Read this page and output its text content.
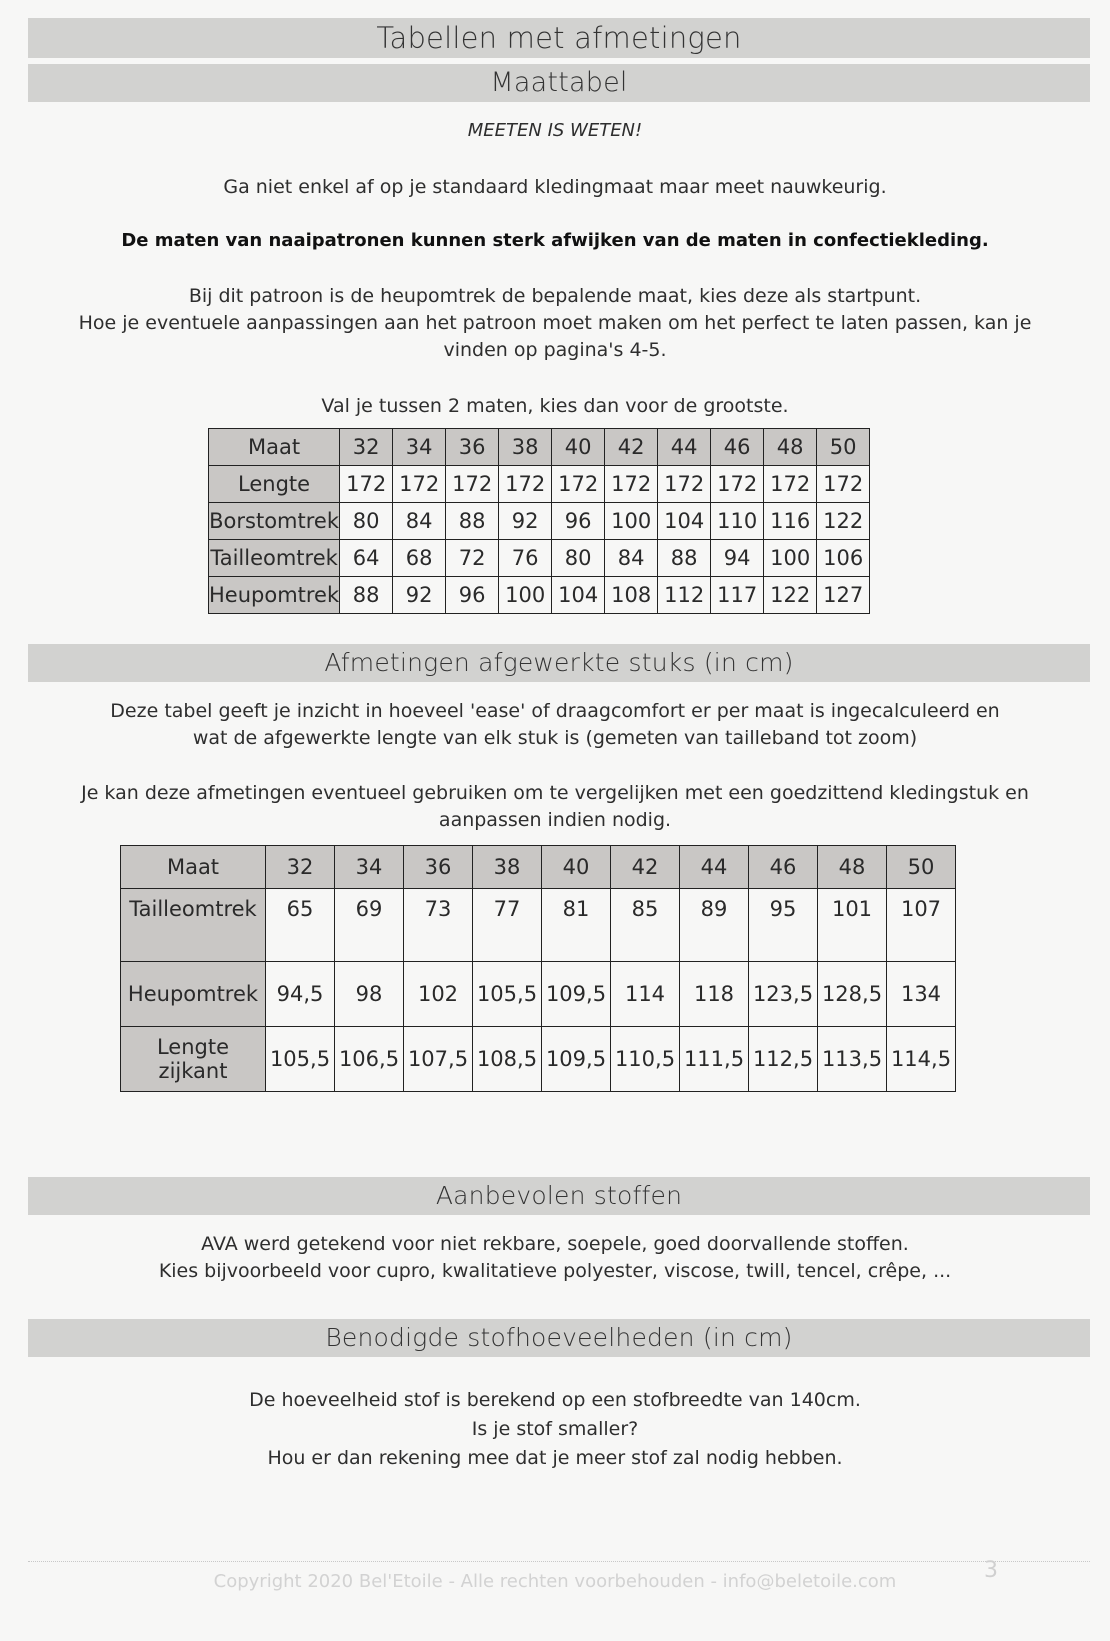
Tabellen met afmetingen
Maattabel
MEETEN IS WETEN!
Ga niet enkel af op je standaard kledingmaat maar meet nauwkeurig.
De maten van naaipatronen kunnen sterk afwijken van de maten in confectiekleding.
Bij dit patroon is de heupomtrek de bepalende maat, kies deze als startpunt.
Hoe je eventuele aanpassingen aan het patroon moet maken om het perfect te laten passen, kan je
vinden op pagina's 4-5.
Val je tussen 2 maten, kies dan voor de grootste.
Maat	32	34	36	38	40	42	44	46	48	50
Lengte	172	172	172	172	172	172	172	172	172	172
Borstomtrek	80	84	88	92	96	100	104	110	116	122
Tailleomtrek	64	68	72	76	80	84	88	94	100	106
Heupomtrek	88	92	96	100	104	108	112	117	122	127
Afmetingen afgewerkte stuks (in cm)
Deze tabel geeft je inzicht in hoeveel 'ease' of draagcomfort er per maat is ingecalculeerd en
wat de afgewerkte lengte van elk stuk is (gemeten van tailleband tot zoom)
Je kan deze afmetingen eventueel gebruiken om te vergelijken met een goedzittend kledingstuk en
aanpassen indien nodig.
Maat	32	34	36	38	40	42	44	46	48	50
Tailleomtrek	65	69	73	77	81	85	89	95	101	107
Heupomtrek	94,5	98	102	105,5	109,5	114	118	123,5	128,5	134
Lengte zijkant	105,5	106,5	107,5	108,5	109,5	110,5	111,5	112,5	113,5	114,5
Aanbevolen stoffen
AVA werd getekend voor niet rekbare, soepele, goed doorvallende stoffen.
Kies bijvoorbeeld voor cupro, kwalitatieve polyester, viscose, twill, tencel, crêpe, ...
Benodigde stofhoeveelheden (in cm)
De hoeveelheid stof is berekend op een stofbreedte van 140cm.
Is je stof smaller?
Hou er dan rekening mee dat je meer stof zal nodig hebben.
3
Copyright 2020 Bel'Etoile - Alle rechten voorbehouden - info@beletoile.com
